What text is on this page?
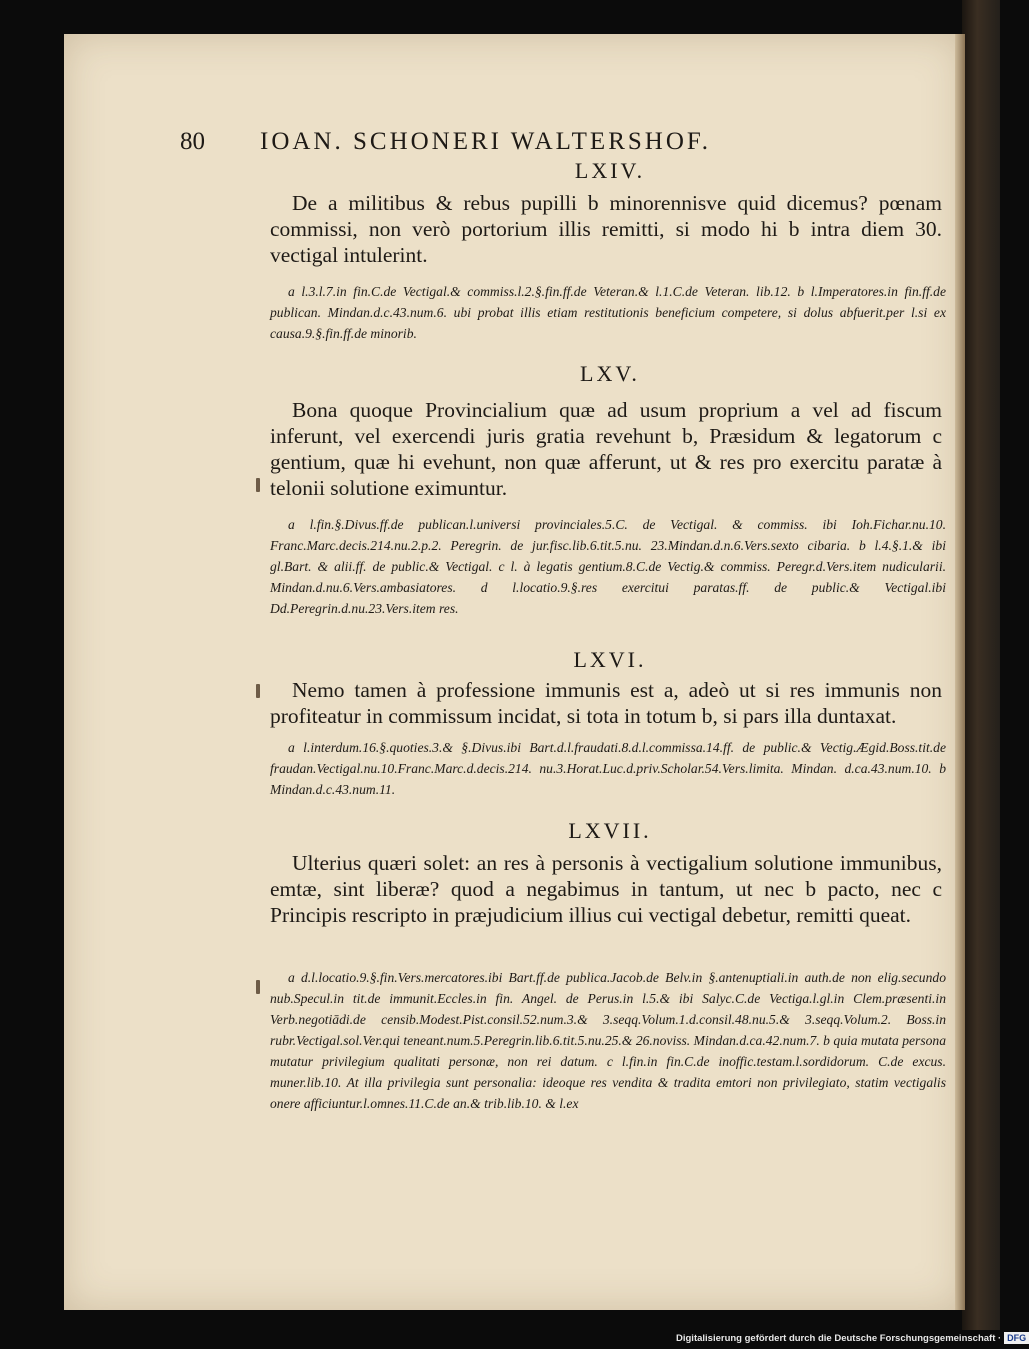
80 IOAN. SCHONERI WALTERSHOF.
LXIV.

De a militibus & rebus pupilli b minorennisve quid dicemus? pœnam commissi, non verò portorium illis remitti, si modo hi b intra diem 30. vectigal intulerint.

a l.3.l.7.in fin.C.de Vectigal.& commiss.l.2.§.fin.ff.de Veteran.& l.1.C.de Veteran. lib.12. b l.Imperatores.in fin.ff.de publican. Mindan.d.c.43.num.6. ubi probat illis etiam restitutionis beneficium competere, si dolus abfuerit.per l.si ex causa.9.§.fin.ff.de minorib.

LXV.

Bona quoque Provincialium quæ ad usum proprium a vel ad fiscum inferunt, vel exercendi juris gratia revehunt b, Præsidum & legatorum c gentium, quæ hi evehunt, non quæ afferunt, ut & res pro exercitu paratæ à telonii solutione eximuntur.

a l.fin.§.Divus.ff.de publican.l.universi provinciales.5.C. de Vectigal. & commiss. ibi Ioh.Fichar.nu.10. Franc.Marc.decis.214.nu.2.p.2. Peregrin. de jur.fisc.lib.6.tit.5.nu. 23.Mindan.d.n.6.Vers.sexto cibaria. b l.4.§.1.& ibi gl.Bart. & alii.ff. de public.& Vectigal. c l. à legatis gentium.8.C.de Vectig.& commiss. Peregr.d.Vers.item nudicularii. Mindan.d.nu.6.Vers.ambasiatores. d l.locatio.9.§.res exercitui paratas.ff. de public.& Vectigal.ibi Dd.Peregrin.d.nu.23.Vers.item res.

LXVI.

Nemo tamen à professione immunis est a, adeò ut si res immunis non profiteatur in commissum incidat, si tota in totum b, si pars illa duntaxat.

a l.interdum.16.§.quoties.3.& §.Divus.ibi Bart.d.l.fraudati.8.d.l.commissa.14.ff. de public.& Vectig.Ægid.Boss.tit.de fraudan.Vectigal.nu.10.Franc.Marc.d.decis.214. nu.3.Horat.Luc.d.priv.Scholar.54.Vers.limita. Mindan. d.ca.43.num.10. b Mindan.d.c.43.num.11.

LXVII.

Ulterius quæri solet: an res à personis à vectigalium solutione immunibus, emtæ, sint liberæ? quod a negabimus in tantum, ut nec b pacto, nec c Principis rescripto in præjudicium illius cui vectigal debetur, remitti queat.

a d.l.locatio.9.§.fin.Vers.mercatores.ibi Bart.ff.de publica.Jacob.de Belv.in §.antenuptiali.in auth.de non elig.secundo nub.Specul.in tit.de immunit.Eccles.in fin. Angel. de Perus.in l.5.& ibi Salyc.C.de Vectiga.l.gl.in Clem.præsenti.in Verb.negotiādi.de censib.Modest.Pist.consil.52.num.3.& 3.seqq.Volum.1.d.consil.48.nu.5.& 3.seqq.Volum.2. Boss.in rubr.Vectigal.sol.Ver.qui teneant.num.5.Peregrin.lib.6.tit.5.nu.25.& 26.noviss. Mindan.d.ca.42.num.7. b quia mutata persona mutatur privilegium qualitati personæ, non rei datum. c l.fin.in fin.C.de inoffic.testam.l.sordidorum. C.de excus. muner.lib.10. At illa privilegia sunt personalia: ideoque res vendita & tradita emtori non privilegiato, statim vectigalis onere afficiuntur.l.omnes.11.C.de an.& trib.lib.10. & l.ex

Digitalisierung gefördert durch die Deutsche Forschungsgemeinschaft · DFG
